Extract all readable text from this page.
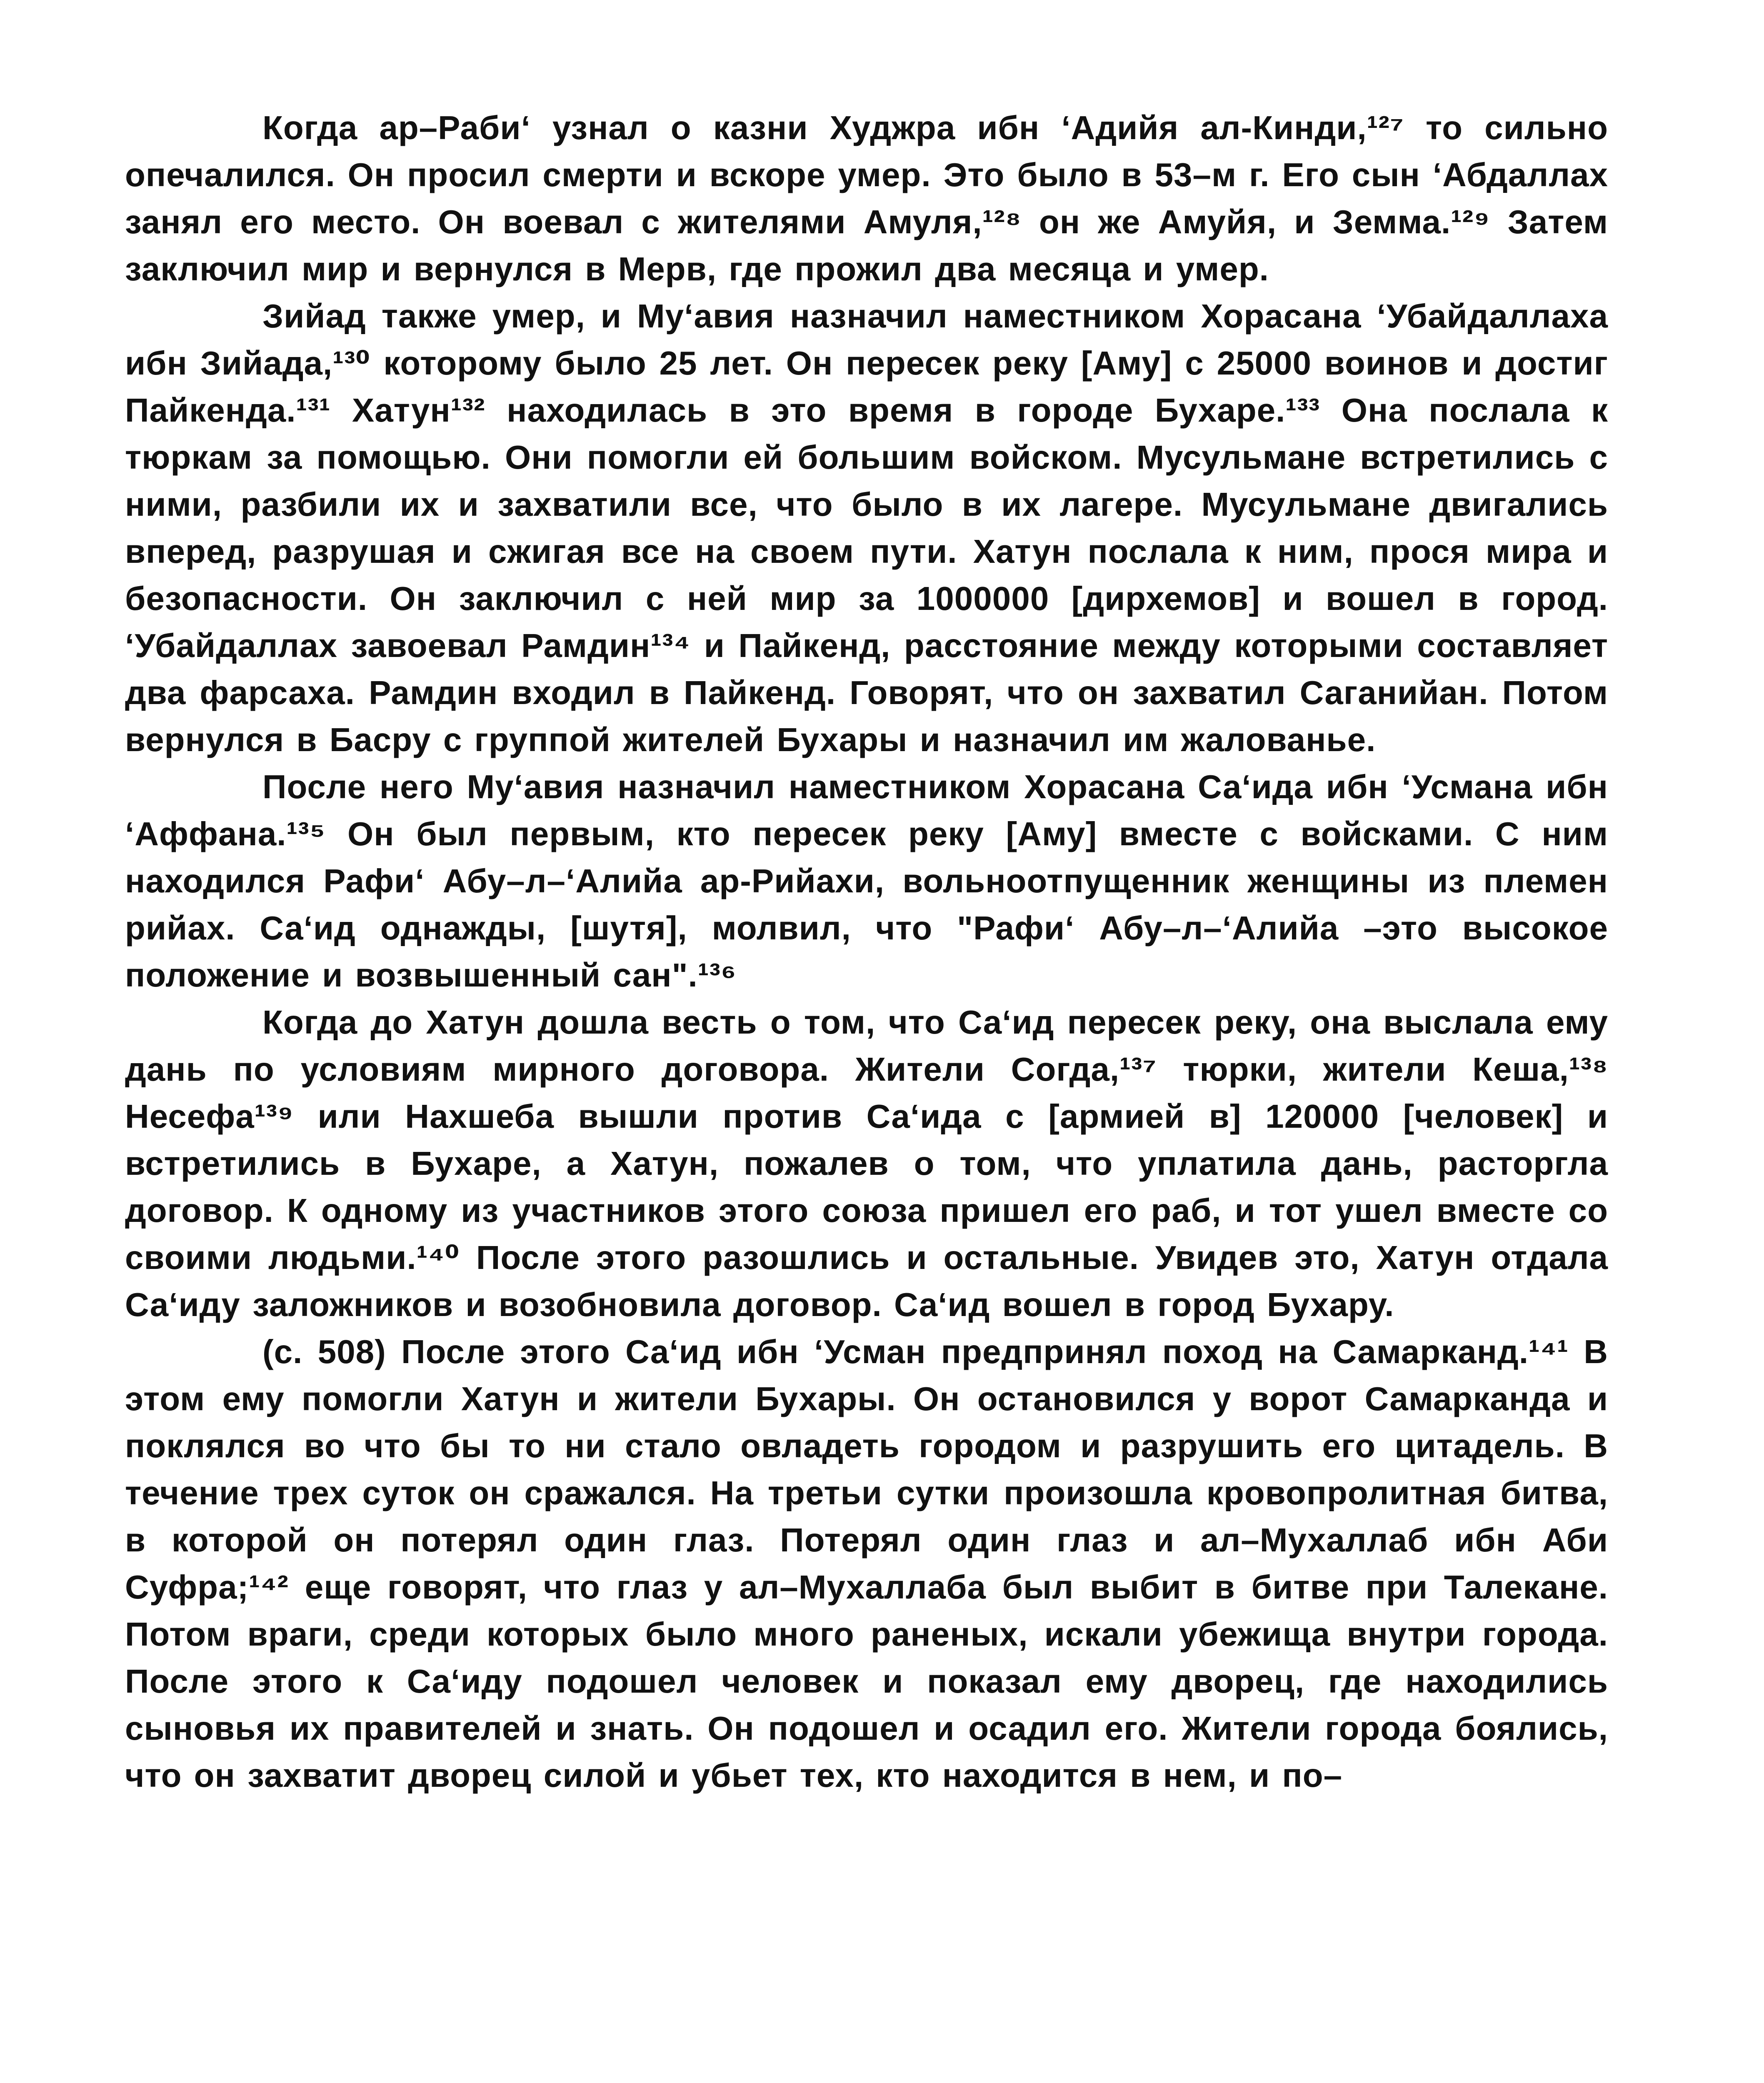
Когда ар–Раби‘ узнал о казни Худжра ибн ‘Адийя ал-Кинди,¹²⁷ то сильно опечалился. Он просил смерти и вскоре умер. Это было в 53–м г. Его сын ‘Абдаллах занял его место. Он воевал с жителями Амуля,¹²⁸ он же Амуйя, и Земма.¹²⁹ Затем заключил мир и вернулся в Мерв, где прожил два месяца и умер.

Зийад также умер, и Му‘авия назначил наместником Хорасана ‘Убайдаллаха ибн Зийада,¹³⁰ которому было 25 лет. Он пересек реку [Аму] с 25000 воинов и достиг Пайкенда.¹³¹ Хатун¹³² находилась в это время в городе Бухаре.¹³³ Она послала к тюркам за помощью. Они помогли ей большим войском. Мусульмане встретились с ними, разбили их и захватили все, что было в их лагере. Мусульмане двигались вперед, разрушая и сжигая все на своем пути. Хатун послала к ним, прося мира и безопасности. Он заключил с ней мир за 1000000 [дирхемов] и вошел в город. ‘Убайдаллах завоевал Рамдин¹³⁴ и Пайкенд, расстояние между которыми составляет два фарсаха. Рамдин входил в Пайкенд. Говорят, что он захватил Саганийан. Потом вернулся в Басру с группой жителей Бухары и назначил им жалованье.

После него Му‘авия назначил наместником Хорасана Са‘ида ибн ‘Усмана ибн ‘Аффана.¹³⁵ Он был первым, кто пересек реку [Аму] вместе с войсками. С ним находился Рафи‘ Абу–л–‘Алийа ар-Рийахи, вольноотпущенник женщины из племен рийах. Са‘ид однажды, [шутя], молвил, что "Рафи‘ Абу–л–‘Алийа –это высокое положение и возвышенный сан".¹³⁶

Когда до Хатун дошла весть о том, что Са‘ид пересек реку, она выслала ему дань по условиям мирного договора. Жители Согда,¹³⁷ тюрки, жители Кеша,¹³⁸ Несефа¹³⁹ или Нахшеба вышли против Са‘ида с [армией в] 120000 [человек] и встретились в Бухаре, а Хатун, пожалев о том, что уплатила дань, расторгла договор. К одному из участников этого союза пришел его раб, и тот ушел вместе со своими людьми.¹⁴⁰ После этого разошлись и остальные. Увидев это, Хатун отдала Са‘иду заложников и возобновила договор. Са‘ид вошел в город Бухару.

(с. 508) После этого Са‘ид ибн ‘Усман предпринял поход на Самарканд.¹⁴¹ В этом ему помогли Хатун и жители Бухары. Он остановился у ворот Самарканда и поклялся во что бы то ни стало овладеть городом и разрушить его цитадель. В течение трех суток он сражался. На третьи сутки произошла кровопролитная битва, в которой он потерял один глаз. Потерял один глаз и ал–Мухаллаб ибн Аби Суфра;¹⁴² еще говорят, что глаз у ал–Мухаллаба был выбит в битве при Талекане. Потом враги, среди которых было много раненых, искали убежища внутри города. После этого к Са‘иду подошел человек и показал ему дворец, где находились сыновья их правителей и знать. Он подошел и осадил его. Жители города боялись, что он захватит дворец силой и убьет тех, кто находится в нем, и по–
